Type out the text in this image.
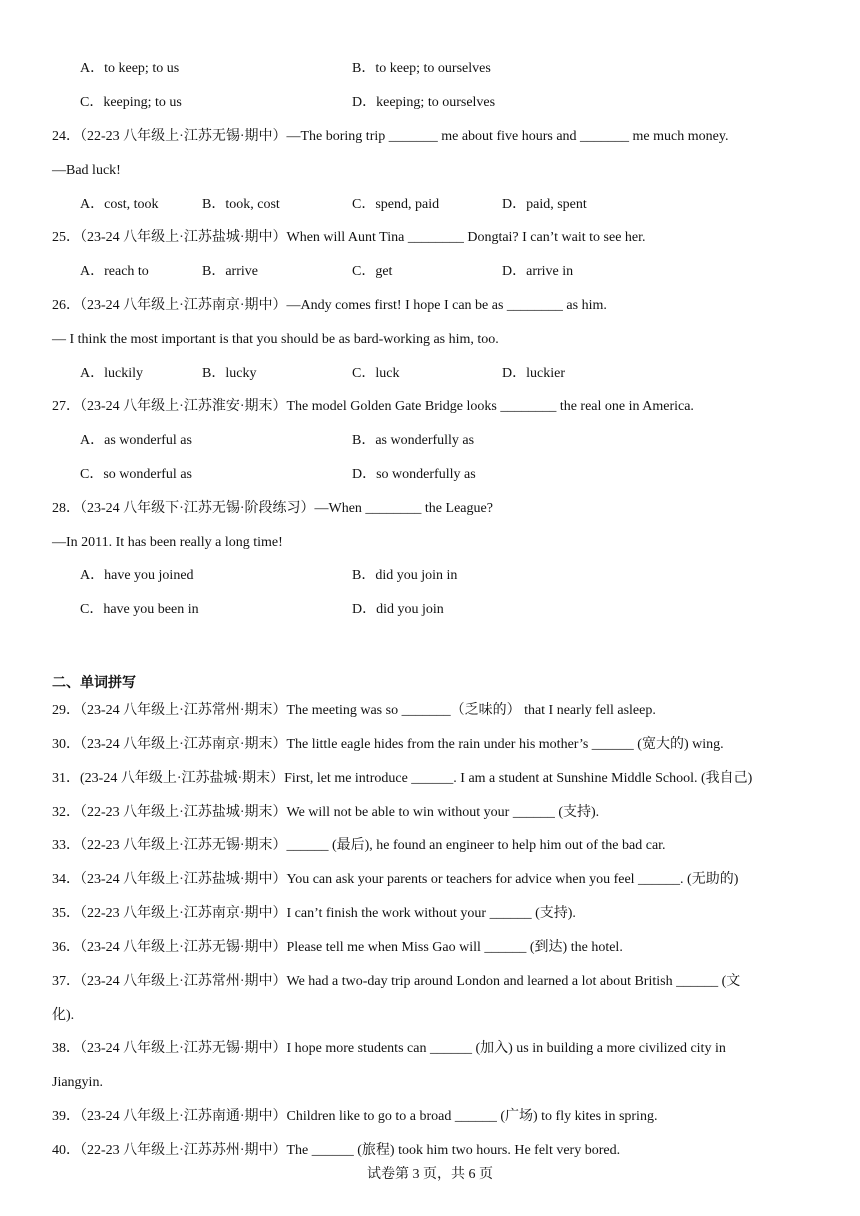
A．to keep; to us	B．to keep; to ourselves
C．keeping; to us	D．keeping; to ourselves
24．（22-23 八年级上·江苏无锡·期中）—The boring trip _______ me about five hours and _______ me much money.
—Bad luck!
A．cost, took	B．took, cost	C．spend, paid	D．paid, spent
25．（23-24 八年级上·江苏盐城·期中）When will Aunt Tina ________ Dongtai? I can’t wait to see her.
A．reach to	B．arrive	C．get	D．arrive in
26．（23-24 八年级上·江苏南京·期中）—Andy comes first! I hope I can be as ________ as him.
— I think the most important is that you should be as bard-working as him, too.
A．luckily	B．lucky	C．luck	D．luckier
27．（23-24 八年级上·江苏淮安·期末）The model Golden Gate Bridge looks ________ the real one in America.
A．as wonderful as	B．as wonderfully as
C．so wonderful as	D．so wonderfully as
28．（23-24 八年级下·江苏无锡·阶段练习）—When ________ the League?
—In 2011. It has been really a long time!
A．have you joined	B．did you join in
C．have you been in	D．did you join
二、单词拼写
29．（23-24 八年级上·江苏常州·期末）The meeting was so _______（乏味的） that I nearly fell asleep.
30．（23-24 八年级上·江苏南京·期末）The little eagle hides from the rain under his mother’s ______ (宽大的) wing.
31．(23-24 八年级上·江苏盐城·期末）First, let me introduce ______. I am a student at Sunshine Middle School. (我自己)
32．（22-23 八年级上·江苏盐城·期末）We will not be able to win without your ______ (支持).
33．（22-23 八年级上·江苏无锡·期末）______ (最后), he found an engineer to help him out of the bad car.
34．（23-24 八年级上·江苏盐城·期中）You can ask your parents or teachers for advice when you feel ______. (无助的)
35．（22-23 八年级上·江苏南京·期中）I can’t finish the work without your ______ (支持).
36．（23-24 八年级上·江苏无锡·期中）Please tell me when Miss Gao will ______ (到达) the hotel.
37．（23-24 八年级上·江苏常州·期中）We had a two-day trip around London and learned a lot about British ______ (文
化).
38．（23-24 八年级上·江苏无锡·期中）I hope more students can ______ (加入) us in building a more civilized city in
Jiangyin.
39．（23-24 八年级上·江苏南通·期中）Children like to go to a broad ______ (广场) to fly kites in spring.
40．（22-23 八年级上·江苏苏州·期中）The ______ (旅程) took him two hours. He felt very bored.
试卷第 3 页，共 6 页
